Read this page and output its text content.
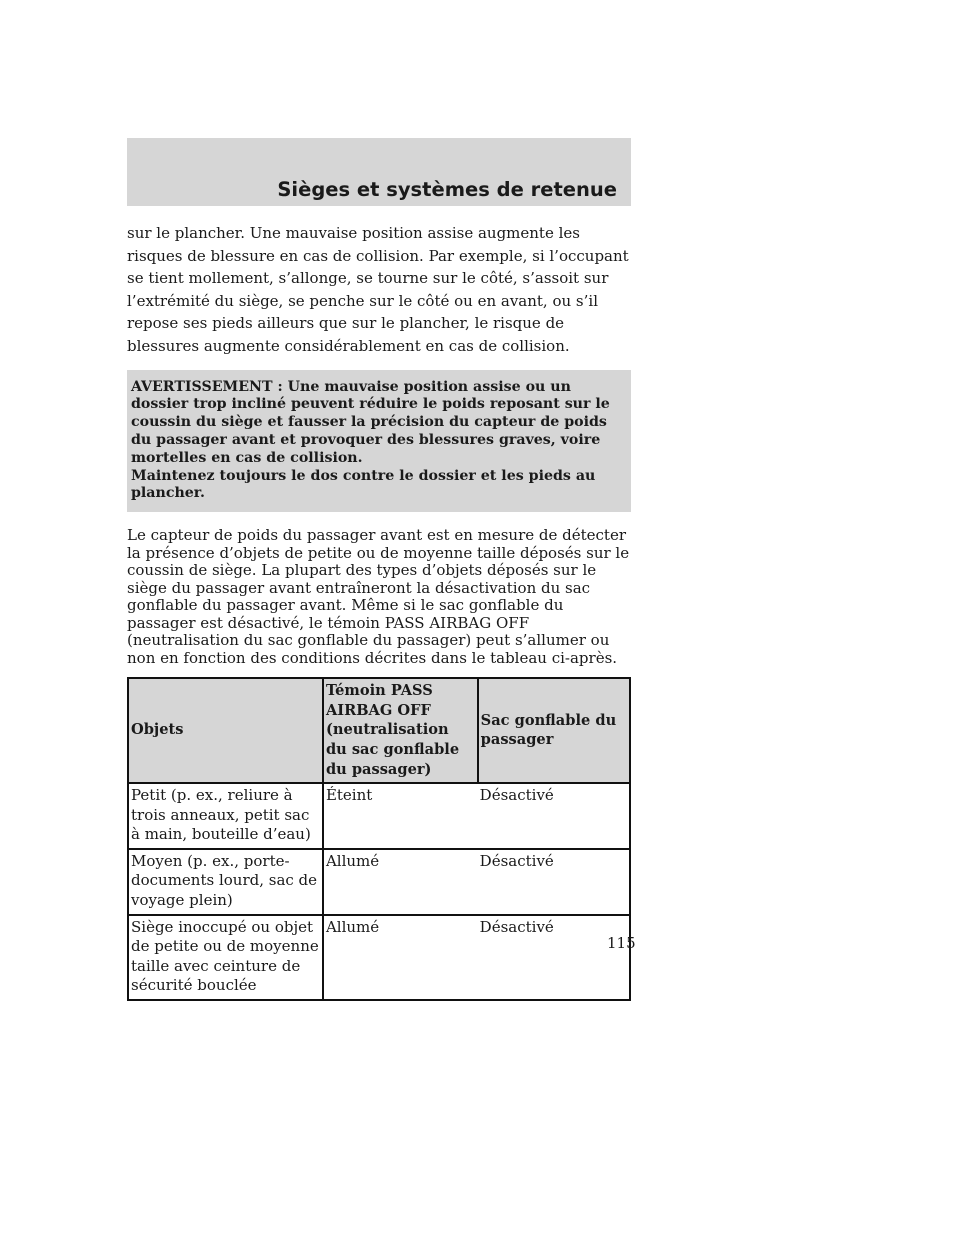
Sièges et systèmes de retenue

sur le plancher. Une mauvaise position assise augmente les risques de blessure en cas de collision. Par exemple, si l’occupant se tient mollement, s’allonge, se tourne sur le côté, s’assoit sur l’extrémité du siège, se penche sur le côté ou en avant, ou s’il repose ses pieds ailleurs que sur le plancher, le risque de blessures augmente considérablement en cas de collision.

AVERTISSEMENT : Une mauvaise position assise ou un dossier trop incliné peuvent réduire le poids reposant sur le coussin du siège et fausser la précision du capteur de poids du passager avant et provoquer des blessures graves, voire mortelles en cas de collision.

Maintenez toujours le dos contre le dossier et les pieds au plancher.

Le capteur de poids du passager avant est en mesure de détecter la présence d’objets de petite ou de moyenne taille déposés sur le coussin de siège. La plupart des types d’objets déposés sur le siège du passager avant entraîneront la désactivation du sac gonflable du passager avant. Même si le sac gonflable du passager est désactivé, le témoin PASS AIRBAG OFF (neutralisation du sac gonflable du passager) peut s’allumer ou non en fonction des conditions décrites dans le tableau ci-après.

Objets	Témoin PASS AIRBAG OFF (neutralisation du sac gonflable du passager)	Sac gonflable du passager
Petit (p. ex., reliure à trois anneaux, petit sac à main, bouteille d’eau)	Éteint	Désactivé
Moyen (p. ex., porte-documents lourd, sac de voyage plein)	Allumé	Désactivé
Siège inoccupé ou objet de petite ou de moyenne taille avec ceinture de sécurité bouclée	Allumé	Désactivé
115
